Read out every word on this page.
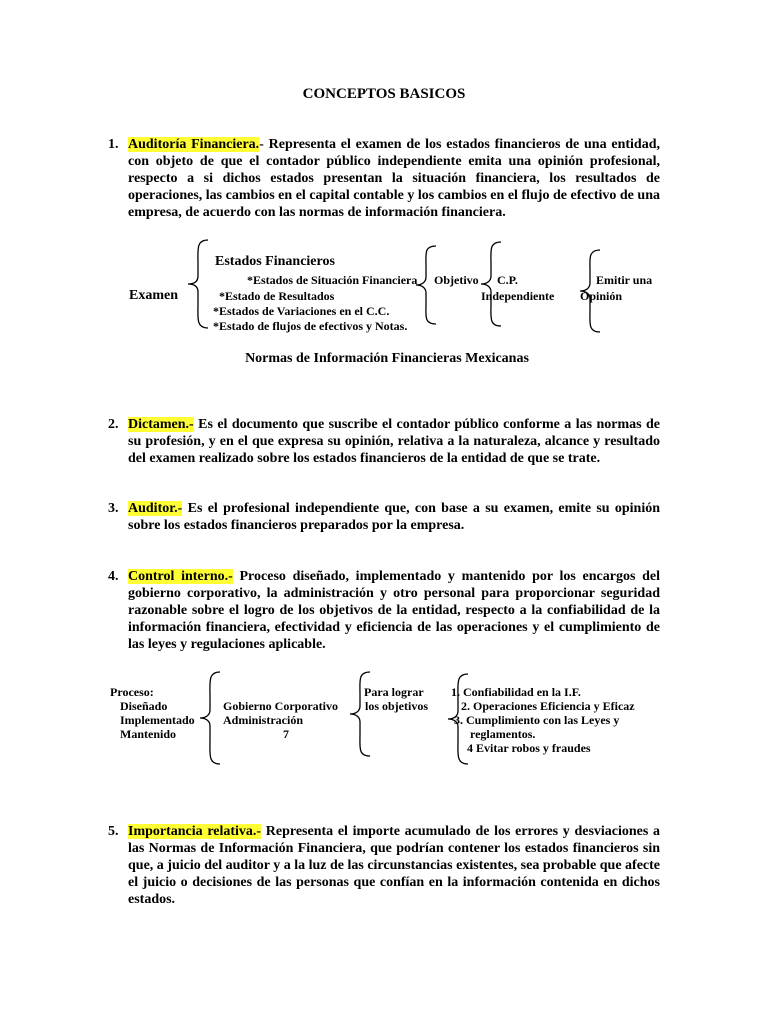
CONCEPTOS BASICOS
1. Auditoría Financiera.- Representa el examen de los estados financieros de una entidad, con objeto de que el contador público independiente emita una opinión profesional, respecto a si dichos estados presentan la situación financiera, los resultados de operaciones, las cambios en el capital contable y los cambios en el flujo de efectivo de una empresa, de acuerdo con las normas de información financiera.
Examen
Estados Financieros
*Estados de Situación Financiera
*Estado de Resultados
*Estados de Variaciones en el C.C.
*Estado de flujos de efectivos y Notas.
Objetivo C.P.
Independiente
Emitir una
Opinión
Normas de Información Financieras Mexicanas
2. Dictamen.- Es el documento que suscribe el contador público conforme a las normas de su profesión, y en el que expresa su opinión, relativa a la naturaleza, alcance y resultado del examen realizado sobre los estados financieros de la entidad de que se trate.
3. Auditor.- Es el profesional independiente que, con base a su examen, emite su opinión sobre los estados financieros preparados por la empresa.
4. Control interno.- Proceso diseñado, implementado y mantenido por los encargos del gobierno corporativo, la administración y otro personal para proporcionar seguridad razonable sobre el logro de los objetivos de la entidad, respecto a la confiabilidad de la información financiera, efectividad y eficiencia de las operaciones y el cumplimiento de las leyes y regulaciones aplicable.
Proceso:
Diseñado
Implementado
Mantenido
Gobierno Corporativo
Administración
7
Para lograr
los objetivos
1. Confiabilidad en la I.F.
2. Operaciones Eficiencia y Eficaz
3. Cumplimiento con las Leyes y
reglamentos.
4 Evitar robos y fraudes
5. Importancia relativa.- Representa el importe acumulado de los errores y desviaciones a las Normas de Información Financiera, que podrían contener los estados financieros sin que, a juicio del auditor y a la luz de las circunstancias existentes, sea probable que afecte el juicio o decisiones de las personas que confían en la información contenida en dichos estados.
